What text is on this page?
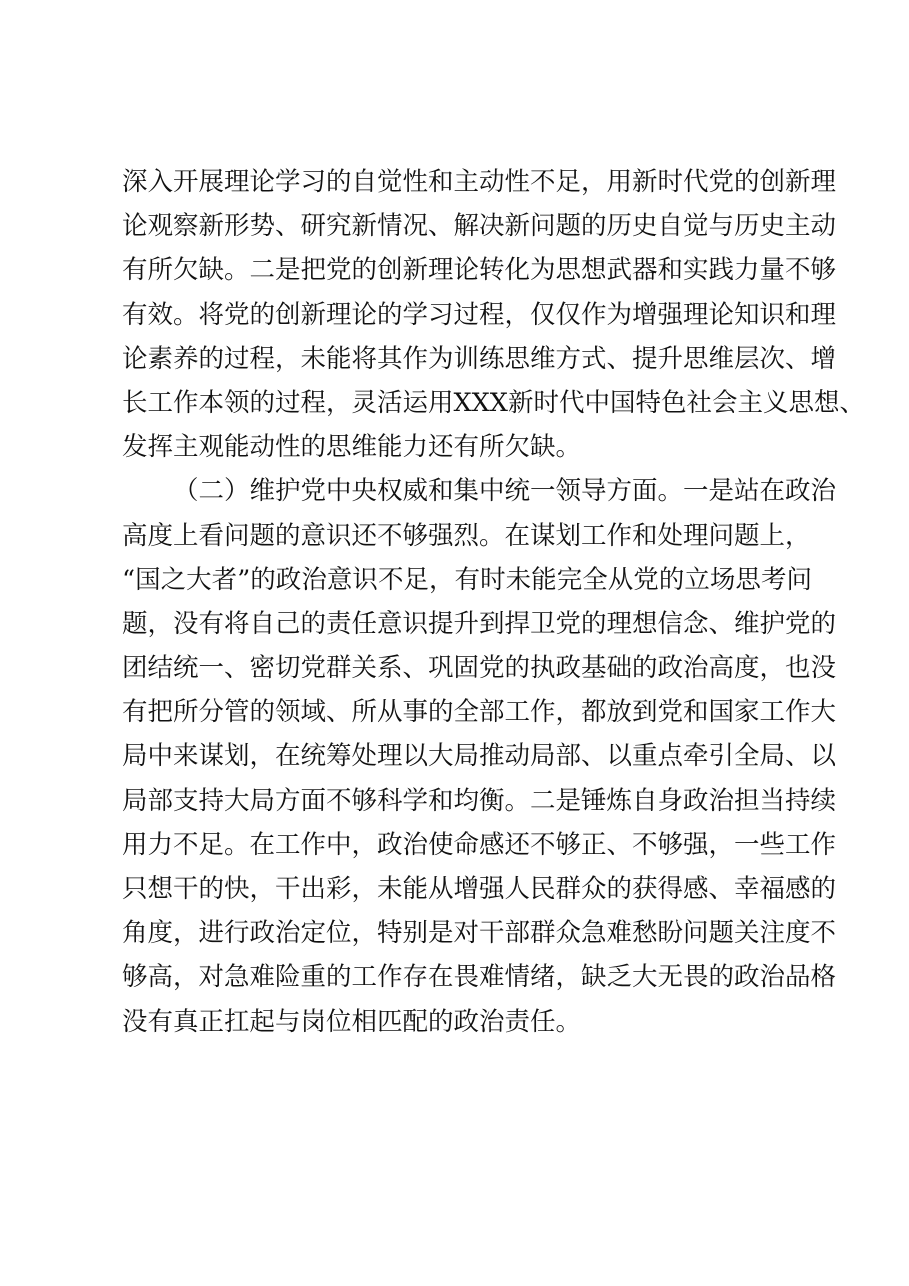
深入开展理论学习的自觉性和主动性不足，用新时代党的创新理
论观察新形势、研究新情况、解决新问题的历史自觉与历史主动
有所欠缺。二是把党的创新理论转化为思想武器和实践力量不够
有效。将党的创新理论的学习过程，仅仅作为增强理论知识和理
论素养的过程，未能将其作为训练思维方式、提升思维层次、增
长工作本领的过程，灵活运用XXX新时代中国特色社会主义思想、
发挥主观能动性的思维能力还有所欠缺。
（二）维护党中央权威和集中统一领导方面。一是站在政治
高度上看问题的意识还不够强烈。在谋划工作和处理问题上，
“国之大者”的政治意识不足，有时未能完全从党的立场思考问
题，没有将自己的责任意识提升到捍卫党的理想信念、维护党的
团结统一、密切党群关系、巩固党的执政基础的政治高度，也没
有把所分管的领域、所从事的全部工作，都放到党和国家工作大
局中来谋划，在统筹处理以大局推动局部、以重点牵引全局、以
局部支持大局方面不够科学和均衡。二是锤炼自身政治担当持续
用力不足。在工作中，政治使命感还不够正、不够强，一些工作
只想干的快，干出彩，未能从增强人民群众的获得感、幸福感的
角度，进行政治定位，特别是对干部群众急难愁盼问题关注度不
够高，对急难险重的工作存在畏难情绪，缺乏大无畏的政治品格
没有真正扛起与岗位相匹配的政治责任。
